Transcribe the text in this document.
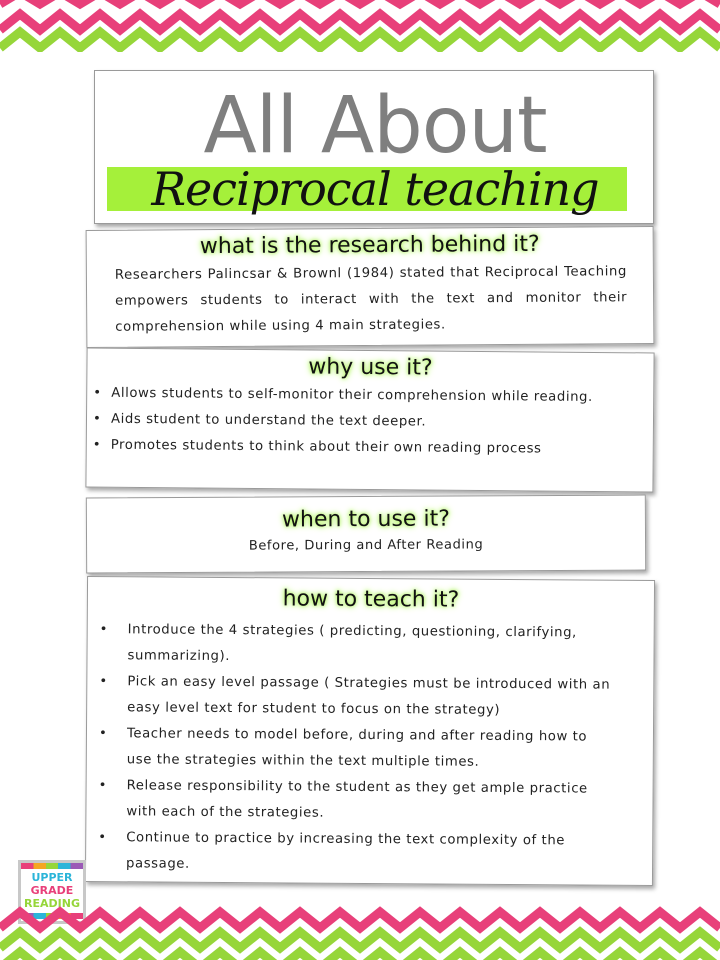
All About
Reciprocal teaching

what is the research behind it?

Researchers Palincsar & Brownl (1984) stated that Reciprocal Teaching empowers students to interact with the text and monitor their comprehension while using 4 main strategies.

why use it?

• Allows students to self-monitor their comprehension while reading.
• Aids student to understand the text deeper.
• Promotes students to think about their own reading process

when to use it?

Before, During and After Reading

how to teach it?

• Introduce the 4 strategies ( predicting, questioning, clarifying, summarizing).
• Pick an easy level passage ( Strategies must be introduced with an easy level text for student to focus on the strategy)
• Teacher needs to model before, during and after reading how to use the strategies within the text multiple times.
• Release responsibility to the student as they get ample practice with each of the strategies.
• Continue to practice by increasing the text complexity of the passage.
UPPER
GRADE
READING
